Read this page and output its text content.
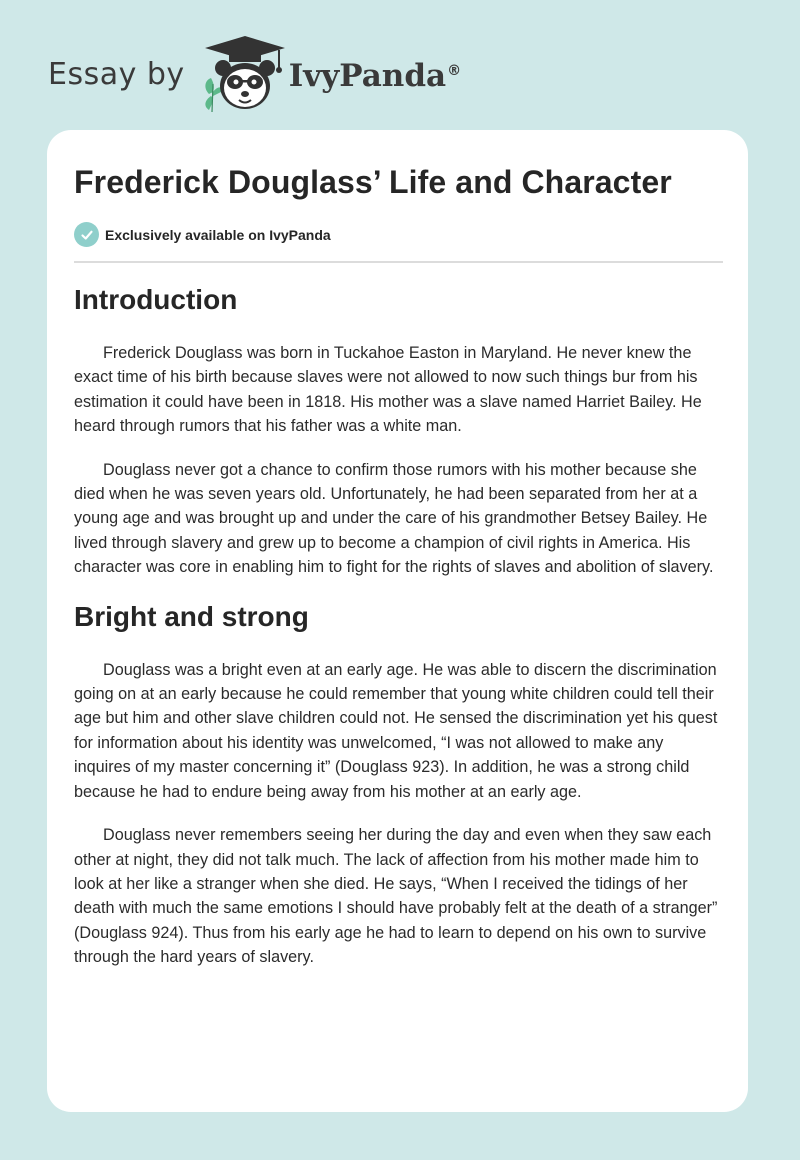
Essay by	IvyPanda®
Frederick Douglass’ Life and Character
Exclusively available on IvyPanda
Introduction

Frederick Douglass was born in Tuckahoe Easton in Maryland. He never knew the exact time of his birth because slaves were not allowed to now such things bur from his estimation it could have been in 1818. His mother was a slave named Harriet Bailey. He heard through rumors that his father was a white man.

Douglass never got a chance to confirm those rumors with his mother because she died when he was seven years old. Unfortunately, he had been separated from her at a young age and was brought up and under the care of his grandmother Betsey Bailey. He lived through slavery and grew up to become a champion of civil rights in America. His character was core in enabling him to fight for the rights of slaves and abolition of slavery.

Bright and strong

Douglass was a bright even at an early age. He was able to discern the discrimination going on at an early because he could remember that young white children could tell their age but him and other slave children could not. He sensed the discrimination yet his quest for information about his identity was unwelcomed, “I was not allowed to make any inquires of my master concerning it” (Douglass 923). In addition, he was a strong child because he had to endure being away from his mother at an early age.

Douglass never remembers seeing her during the day and even when they saw each other at night, they did not talk much. The lack of affection from his mother made him to look at her like a stranger when she died. He says, “When I received the tidings of her death with much the same emotions I should have probably felt at the death of a stranger” (Douglass 924). Thus from his early age he had to learn to depend on his own to survive through the hard years of slavery.
